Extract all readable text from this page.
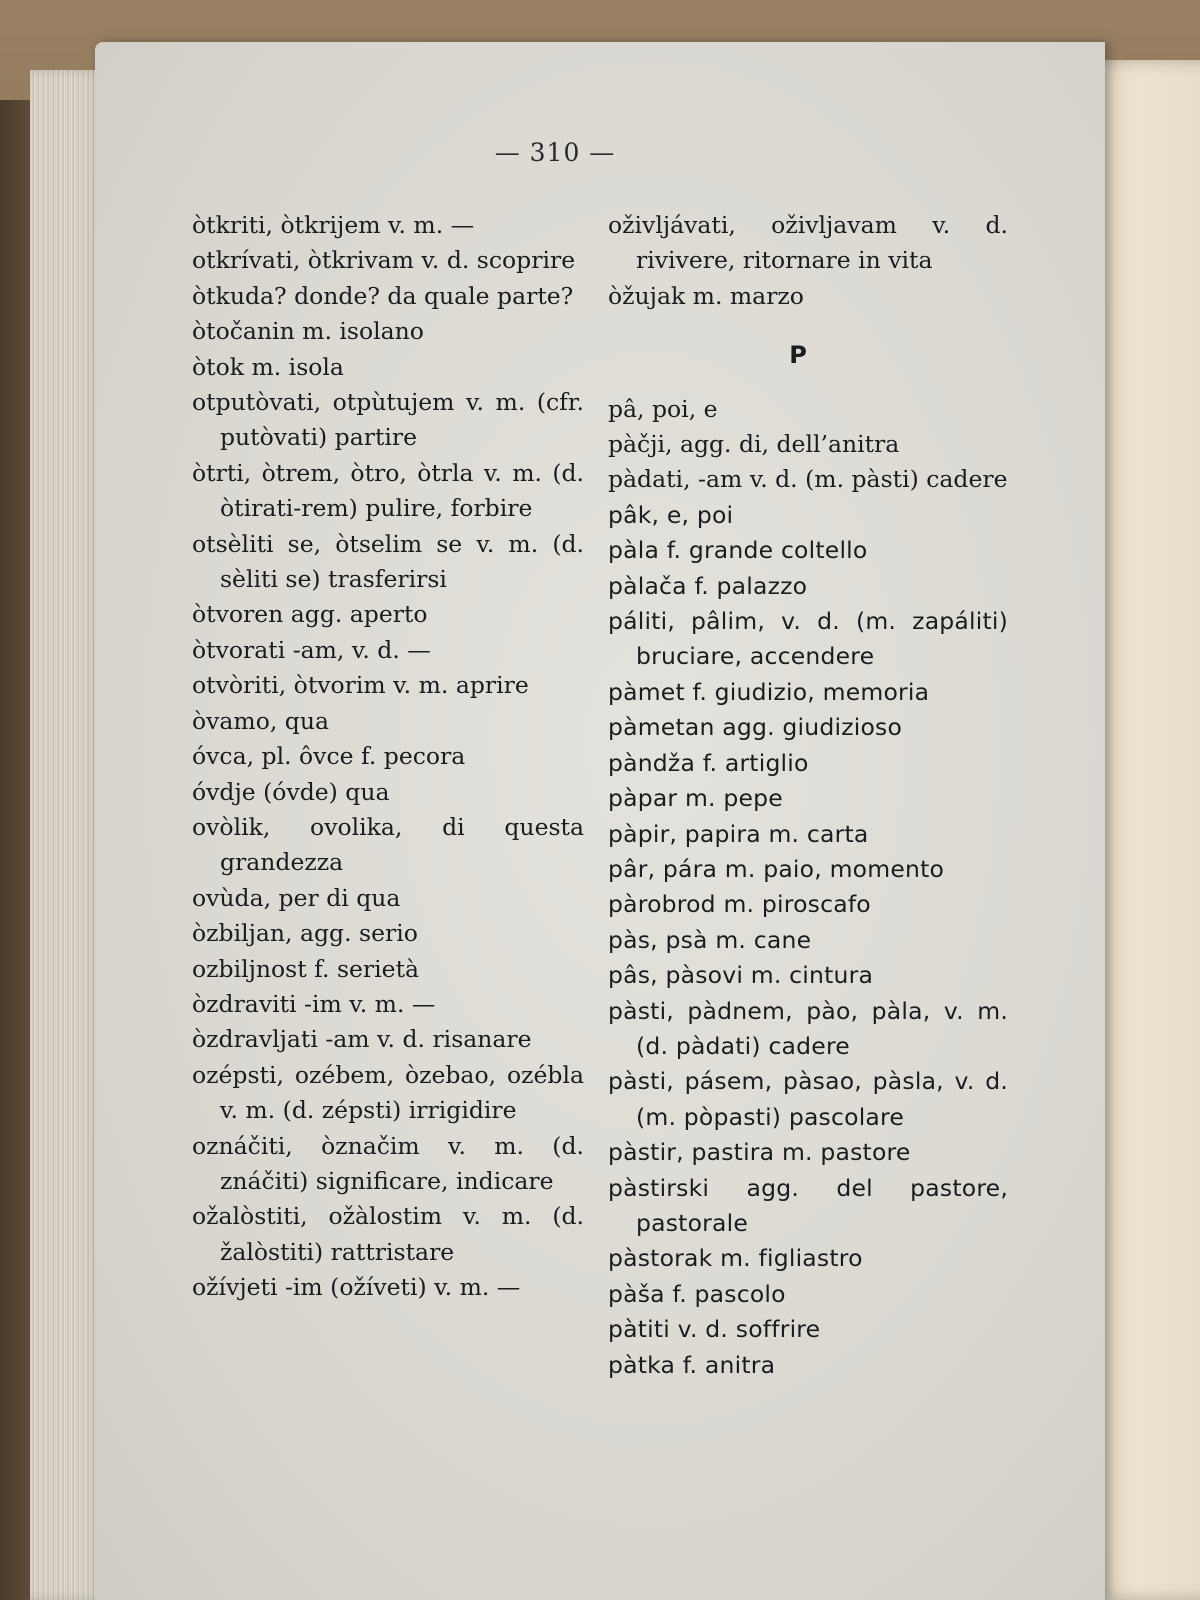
— 310 —

òtkriti, òtkrijem v. m. —

otkrívati, òtkrivam v. d. scoprire

òtkuda? donde? da quale parte?

òtočanin m. isolano

òtok m. isola

otputòvati, otpùtujem v. m. (cfr. putòvati) partire

òtrti, òtrem, òtro, òtrla v. m. (d. òtirati-rem) pulire, forbire

otsèliti se, òtselim se v. m. (d. sèliti se) trasferirsi

òtvoren agg. aperto

òtvorati -am, v. d. —

otvòriti, òtvorim v. m. aprire

òvamo, qua

óvca, pl. ôvce f. pecora

óvdje (óvde) qua

ovòlik, ovolika, di questa grandezza

ovùda, per di qua

òzbiljan, agg. serio

ozbiljnost f. serietà

òzdraviti -im v. m. —

òzdravljati -am v. d. risanare

ozépsti, ozébem, òzebao, ozébla v. m. (d. zépsti) irrigidire

oznáčiti, òznačim v. m. (d. znáčiti) significare, indicare

ožalòstiti, ožàlostim v. m. (d. žalòstiti) rattristare

ožívjeti -im (ožíveti) v. m. —

oživljávati, oživljavam v. d. rivivere, ritornare in vita

òžujak m. marzo

P

pâ, poi, e

pàčji, agg. di, dell’anitra

pàdati, -am v. d. (m. pàsti) cadere

pâk, e, poi

pàla f. grande coltello

pàlača f. palazzo

páliti, pâlim, v. d. (m. zapáliti) bruciare, accendere

pàmet f. giudizio, memoria

pàmetan agg. giudizioso

pàndža f. artiglio

pàpar m. pepe

pàpir, papira m. carta

pâr, pára m. paio, momento

pàrobrod m. piroscafo

pàs, psà m. cane

pâs, pàsovi m. cintura

pàsti, pàdnem, pào, pàla, v. m. (d. pàdati) cadere

pàsti, pásem, pàsao, pàsla, v. d. (m. pòpasti) pascolare

pàstir, pastira m. pastore

pàstirski agg. del pastore, pastorale

pàstorak m. figliastro

pàša f. pascolo

pàtiti v. d. soffrire

pàtka f. anitra
